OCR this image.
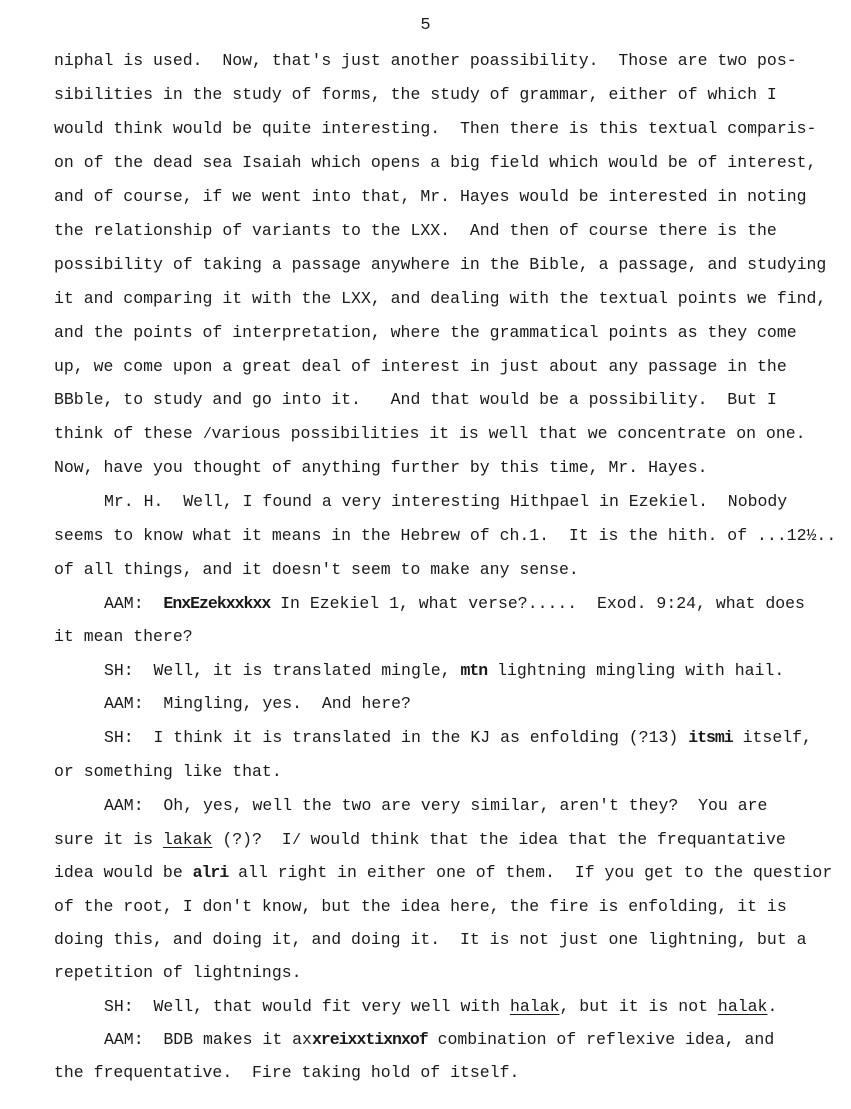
5
niphal is used.  Now, that's just another poassibility.  Those are two pos-
sibilities in the study of forms, the study of grammar, either of which I
would think would be quite interesting.  Then there is this textual comparis-
on of the dead sea Isaiah which opens a big field which would be of interest,
and of course, if we went into that, Mr. Hayes would be interested in noting
the relationship of variants to the LXX.  And then of course there is the
possibility of taking a passage anywhere in the Bible, a passage, and studying
it and comparing it with the LXX, and dealing with the textual points we find,
and the points of interpretation, where the grammatical points as they come
up, we come upon a great deal of interest in just about any passage in the
BBble, to study and go into it.   And that would be a possibility.  But I
think of these ⁄various possibilities it is well that we concentrate on one.
Now, have you thought of anything further by this time, Mr. Hayes.
Mr. H.  Well, I found a very interesting Hithpael in Ezekiel.  Nobody
seems to know what it means in the Hebrew of ch.1.  It is the hith. of ...12½..
of all things, and it doesn't seem to make any sense.
AAM:  EnxEzekxxkxx In Ezekiel 1, what verse?.....  Exod. 9:24, what does
it mean there?
SH:  Well, it is translated mingle, mtn lightning mingling with hail.
AAM:  Mingling, yes.  And here?
SH:  I think it is translated in the KJ as enfolding (?13) itsmi itself,
or something like that.
AAM:  Oh, yes, well the two are very similar, aren't they?  You are
sure it is lakak (?)?  I⁄ would think that the idea that the frequantative
idea would be alri all right in either one of them.  If you get to the questior
of the root, I don't know, but the idea here, the fire is enfolding, it is
doing this, and doing it, and doing it.  It is not just one lightning, but a
repetition of lightnings.
SH:  Well, that would fit very well with halak, but it is not halak.
AAM:  BDB makes it axxreixxtixnxof combination of reflexive idea, and
the frequentative.  Fire taking hold of itself.
